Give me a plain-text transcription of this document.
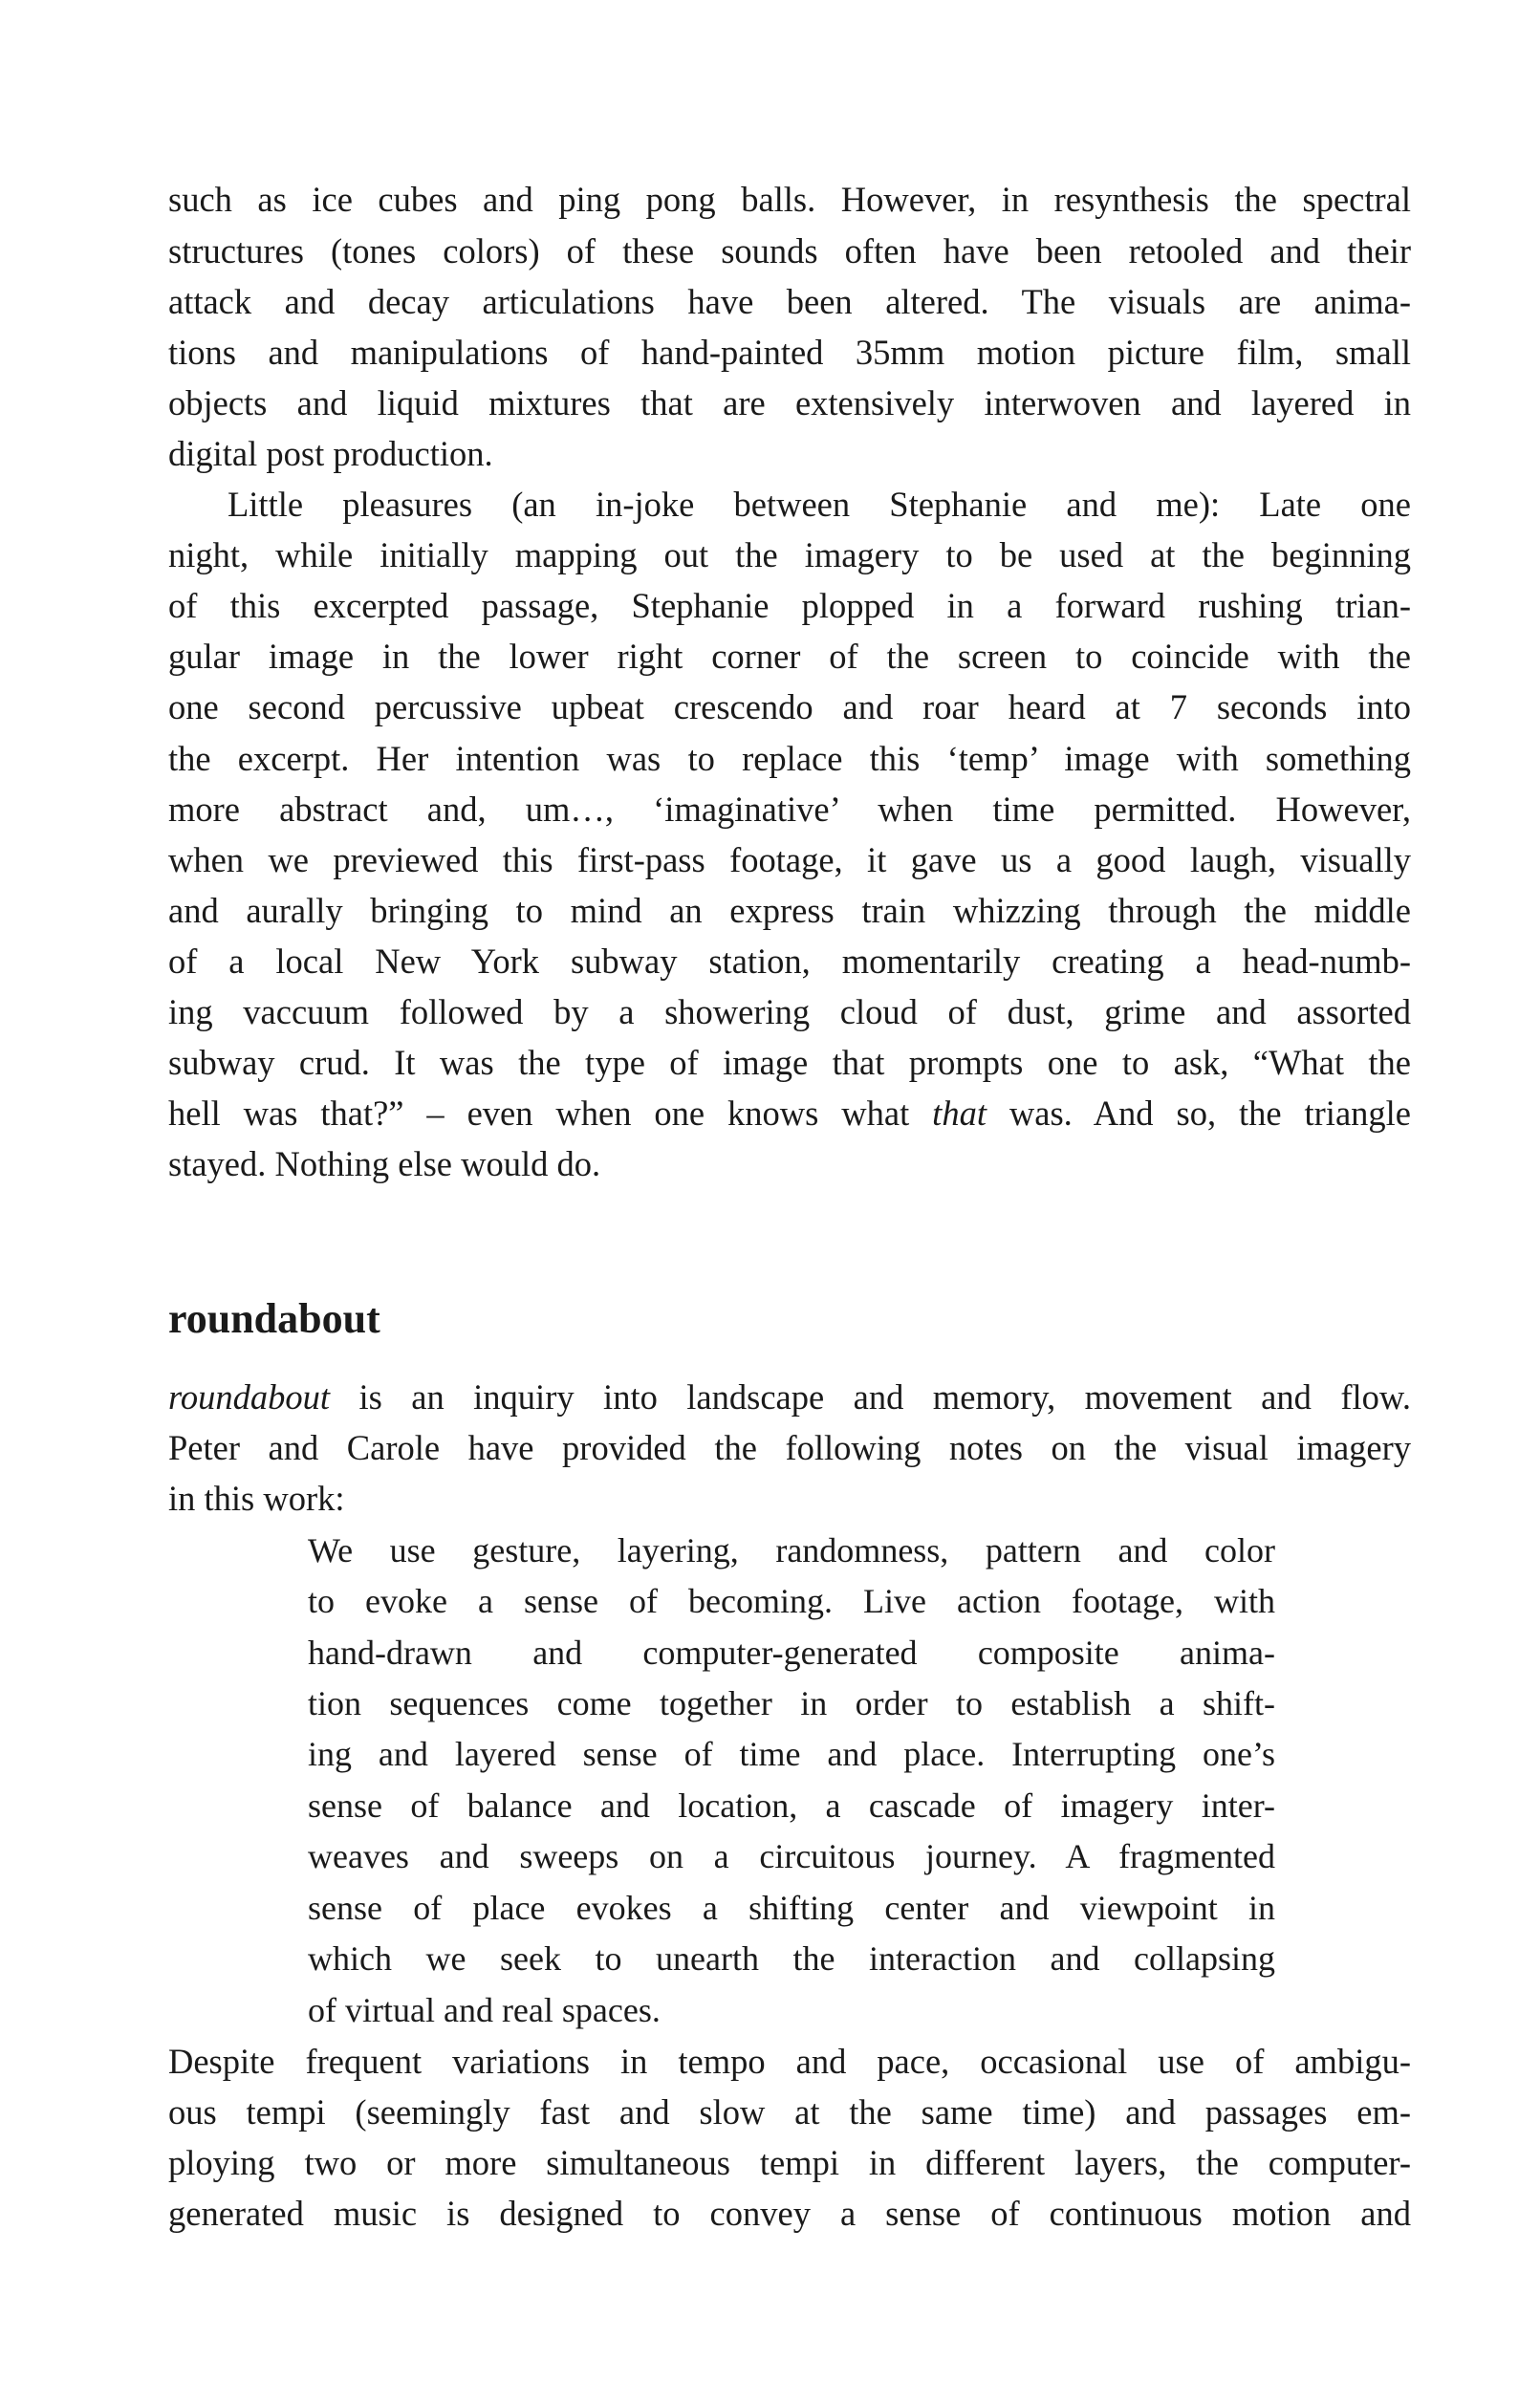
such as ice cubes and ping pong balls. However, in resynthesis the spectral
structures (tones colors) of these sounds often have been retooled and their
attack and decay articulations have been altered. The visuals are anima-
tions and manipulations of hand-painted 35mm motion picture film, small
objects and liquid mixtures that are extensively interwoven and layered in
digital post production.
Little pleasures (an in-joke between Stephanie and me): Late one
night, while initially mapping out the imagery to be used at the beginning
of this excerpted passage, Stephanie plopped in a forward rushing trian-
gular image in the lower right corner of the screen to coincide with the
one second percussive upbeat crescendo and roar heard at 7 seconds into
the excerpt. Her intention was to replace this ‘temp’ image with something
more abstract and, um…, ‘imaginative’ when time permitted. However,
when we previewed this first-pass footage, it gave us a good laugh, visually
and aurally bringing to mind an express train whizzing through the middle
of a local New York subway station, momentarily creating a head-numb-
ing vaccuum followed by a showering cloud of dust, grime and assorted
subway crud. It was the type of image that prompts one to ask, “What the
hell was that?” – even when one knows what that was. And so, the triangle
stayed. Nothing else would do.
roundabout
roundabout is an inquiry into landscape and memory, movement and flow.
Peter and Carole have provided the following notes on the visual imagery
in this work:
We use gesture, layering, randomness, pattern and color
to evoke a sense of becoming. Live action footage, with
hand-drawn and computer-generated composite anima-
tion sequences come together in order to establish a shift-
ing and layered sense of time and place. Interrupting one’s
sense of balance and location, a cascade of imagery inter-
weaves and sweeps on a circuitous journey. A fragmented
sense of place evokes a shifting center and viewpoint in
which we seek to unearth the interaction and collapsing
of virtual and real spaces.
Despite frequent variations in tempo and pace, occasional use of ambigu-
ous tempi (seemingly fast and slow at the same time) and passages em-
ploying two or more simultaneous tempi in different layers, the computer-
generated music is designed to convey a sense of continuous motion and
